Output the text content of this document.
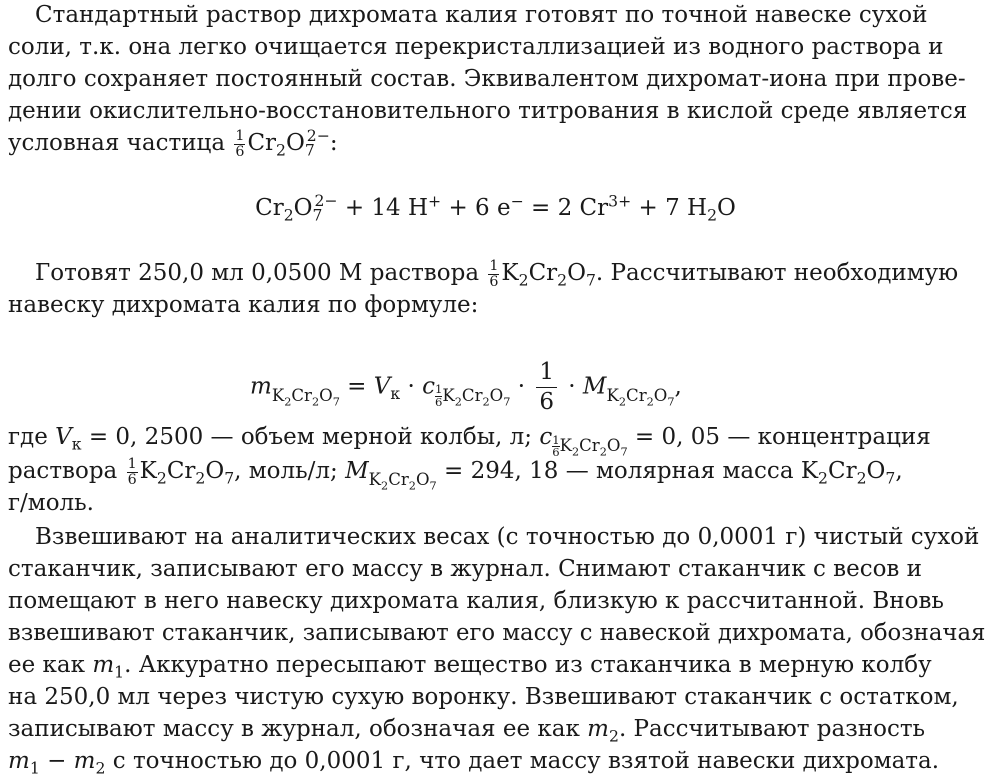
Стандартный раствор дихромата калия готовят по точной навеске сухой
соли, т.к. она легко очищается перекристаллизацией из водного раствора и
долго сохраняет постоянный состав. Эквивалентом дихромат-иона при прове-
дении окислительно-восстановительного титрования в кислой среде является
условная частица $\frac{1}{6} Cr_2O_7^{2-}$:
$Cr_2O_7^{2-} + 14$ H+ + 6 e− = 2 $Cr^{3+} + 7$ $H_2O$
Готовят 250,0 мл 0,0500 М раствора $\frac{1}{6} K_2Cr_2O_7$. Рассчитывают необходимую
навеску дихромата калия по формуле:
$m_{K_2Cr_2O_7} = V_к \cdot c$ $_{\frac{1}{6} K_2Cr_2O_7} \cdot \frac{1}{6} \cdot M_{K_2Cr_2O_7}$,
где $V_к = 0$, 2500 — объем мерной колбы, л; c $_{\frac{1}{6} K_2Cr_2O_7}$ = 0, 05 — концентрация
раствора $\frac{1}{6} K_2Cr_2O_7$, моль/л; $M_{K_2Cr_2O_7} = 294$, 18 — молярная масса $K_2Cr_2O_7$,
г/моль.
Взвешивают на аналитических весах (с точностью до 0,0001 г) чистый сухой
стаканчик, записывают его массу в журнал. Снимают стаканчик с весов и
помещают в него навеску дихромата калия, близкую к рассчитанной. Вновь
взвешивают стаканчик, записывают его массу с навеской дихромата, обозначая
ее как $m_1$. Аккуратно пересыпают вещество из стаканчика в мерную колбу
на 250,0 мл через чистую сухую воронку. Взвешивают стаканчик с остатком,
записывают массу в журнал, обозначая ее как $m_2$. Рассчитывают разность
$m_1 - m_2$ с точностью до 0,0001 г, что дает массу взятой навески дихромата.
